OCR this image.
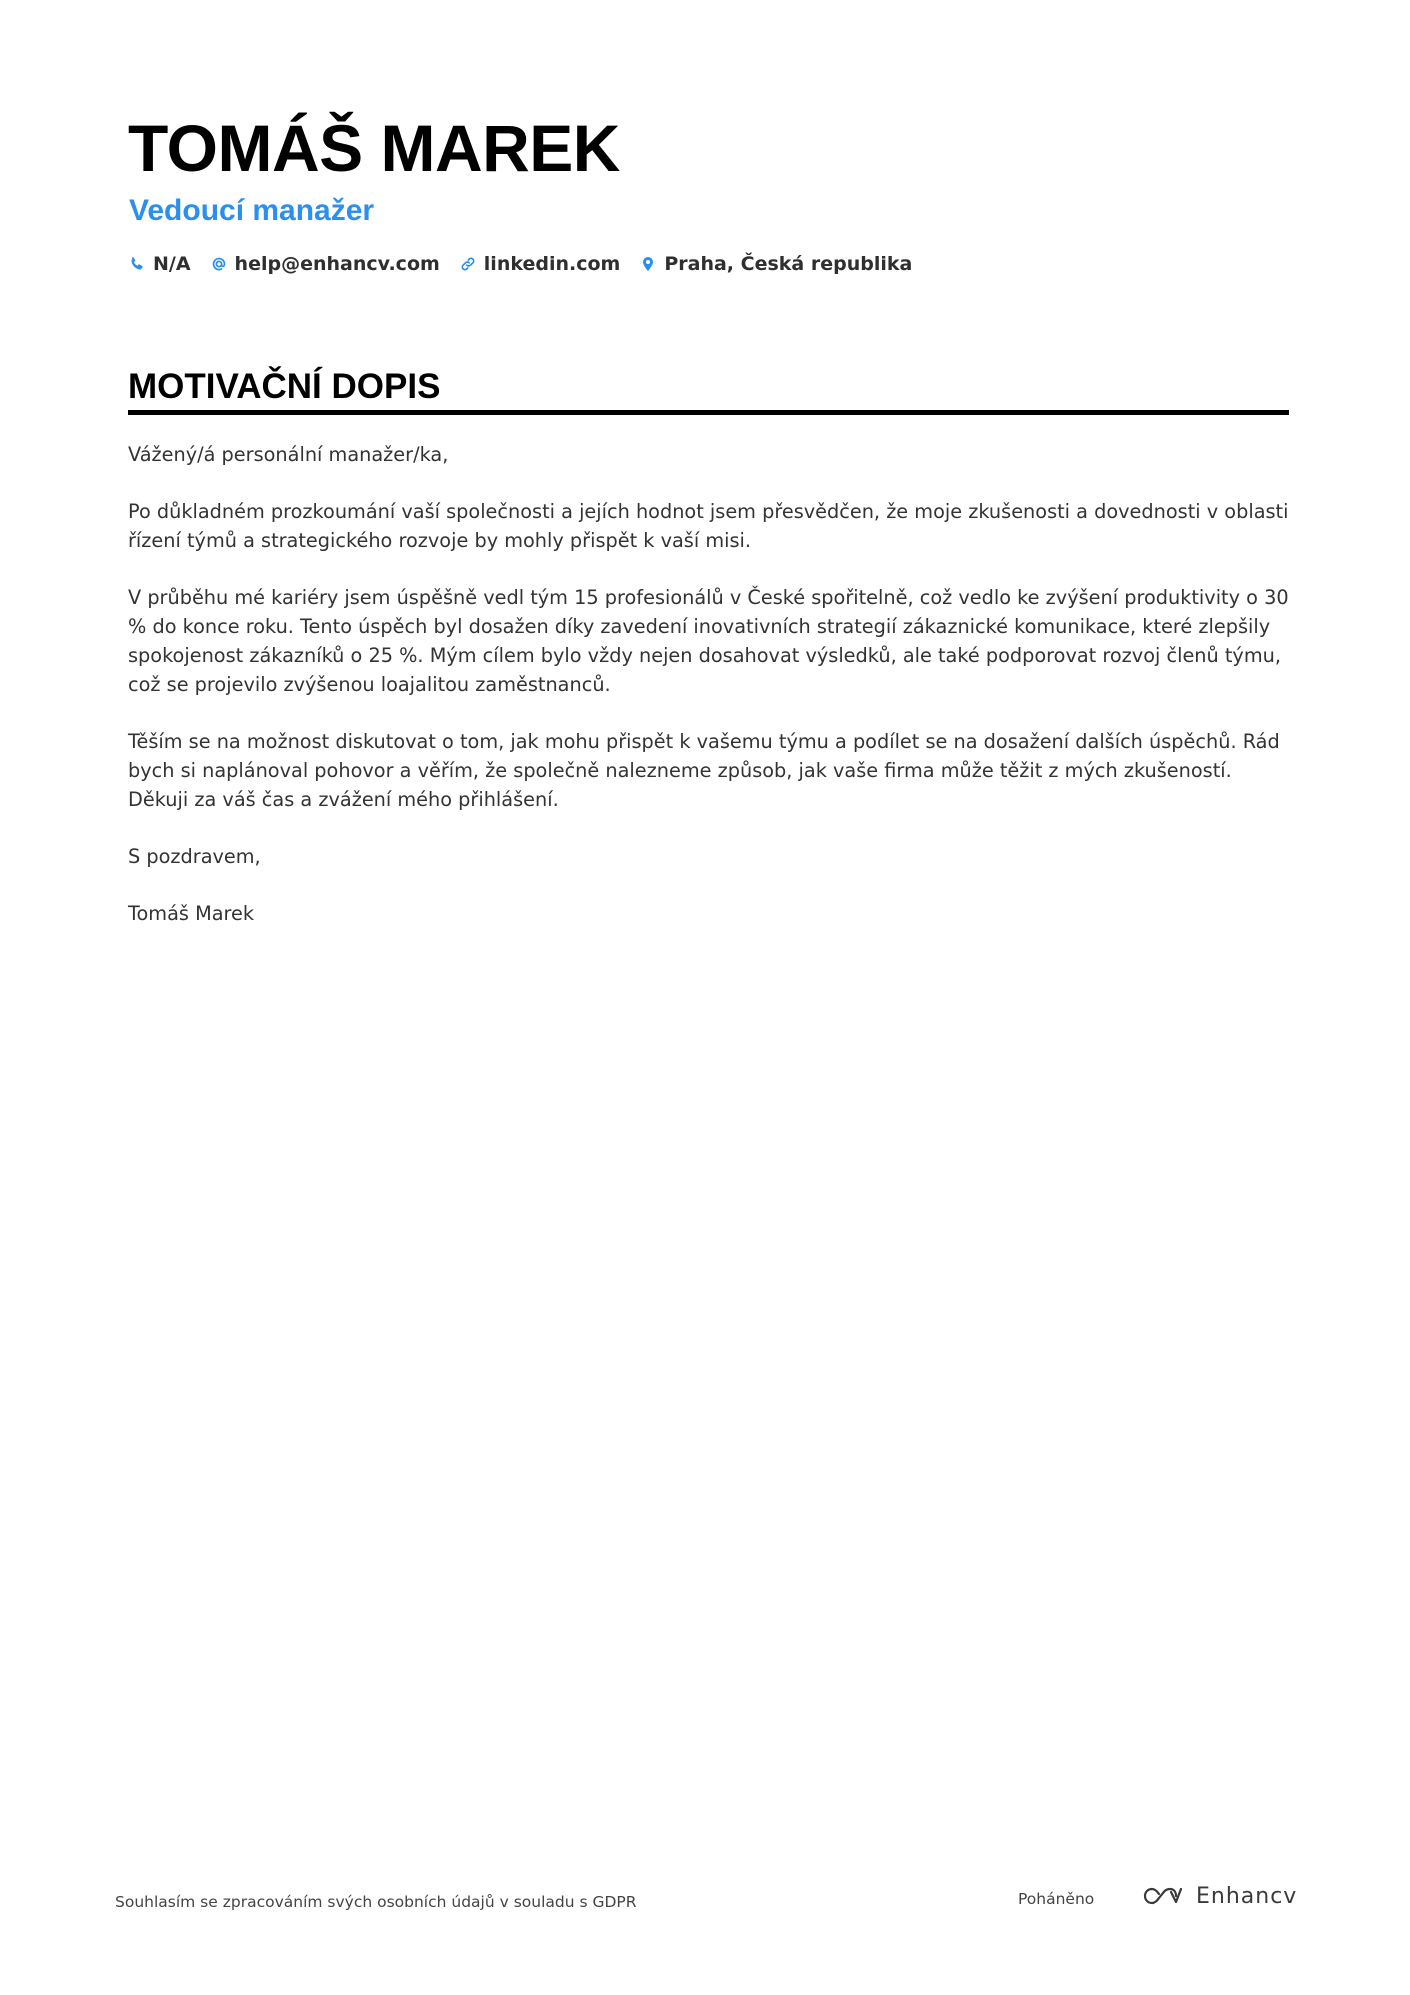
TOMÁŠ MAREK
Vedoucí manažer
N/A help@enhancv.com linkedin.com Praha, Česká republika
MOTIVAČNÍ DOPIS

Vážený/á personální manažer/ka,

Po důkladném prozkoumání vaší společnosti a jejích hodnot jsem přesvědčen, že moje zkušenosti a dovednosti v oblasti řízení týmů a strategického rozvoje by mohly přispět k vaší misi.

V průběhu mé kariéry jsem úspěšně vedl tým 15 profesionálů v České spořitelně, což vedlo ke zvýšení produktivity o 30 % do konce roku. Tento úspěch byl dosažen díky zavedení inovativních strategií zákaznické komunikace, které zlepšily spokojenost zákazníků o 25 %. Mým cílem bylo vždy nejen dosahovat výsledků, ale také podporovat rozvoj členů týmu, což se projevilo zvýšenou loajalitou zaměstnanců.

Těším se na možnost diskutovat o tom, jak mohu přispět k vašemu týmu a podílet se na dosažení dalších úspěchů. Rád bych si naplánoval pohovor a věřím, že společně nalezneme způsob, jak vaše firma může těžit z mých zkušeností. Děkuji za váš čas a zvážení mého přihlášení.

S pozdravem,

Tomáš Marek

Souhlasím se zpracováním svých osobních údajů v souladu s GDPR	Poháněno	Enhancv
